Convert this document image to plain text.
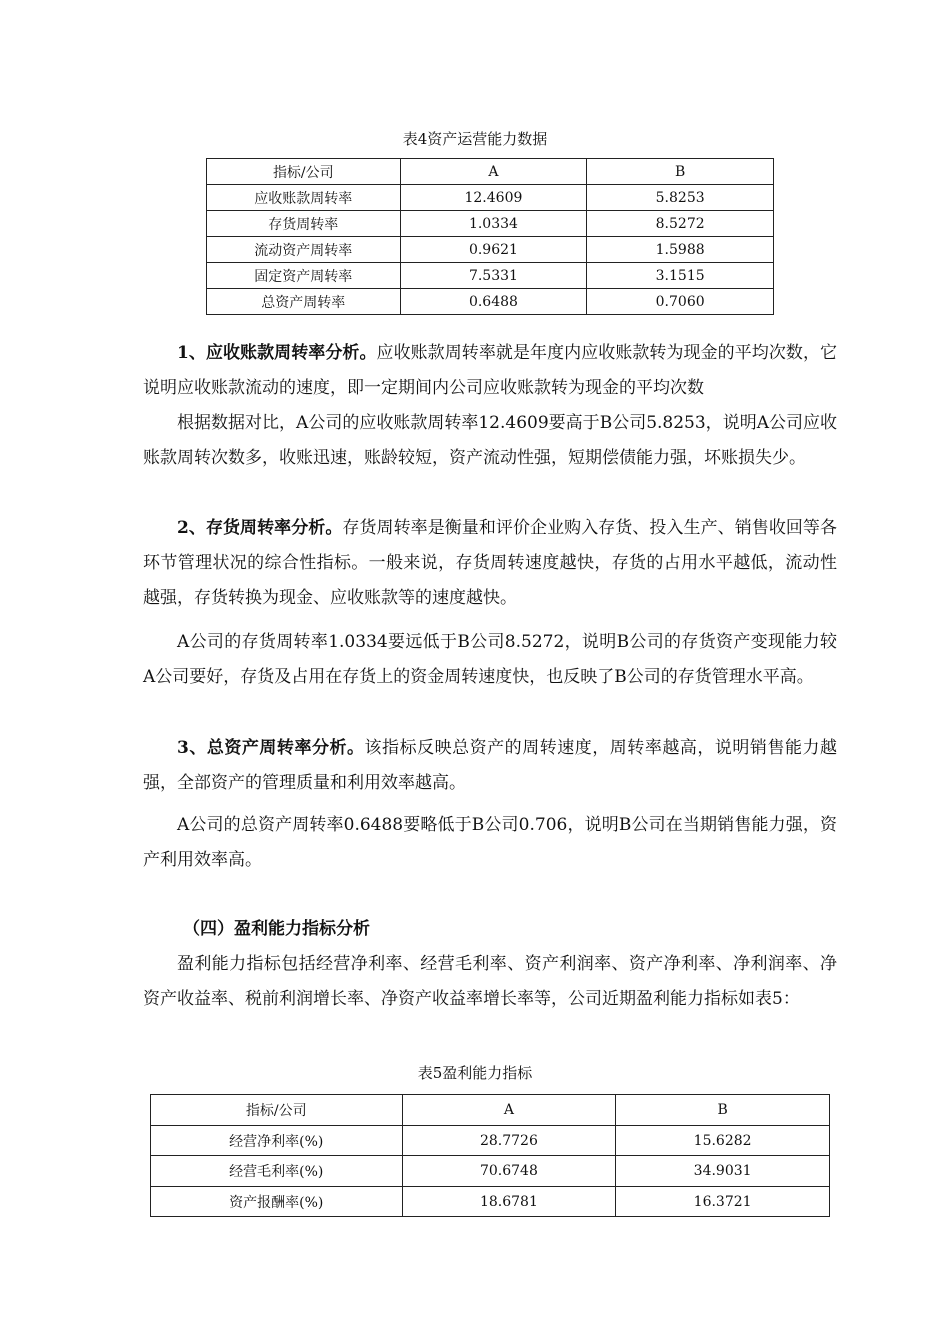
表4资产运营能力数据
指标/公司	A	B
应收账款周转率	12.4609	5.8253
存货周转率	1.0334	8.5272
流动资产周转率	0.9621	1.5988
固定资产周转率	7.5331	3.1515
总资产周转率	0.6488	0.7060

1、应收账款周转率分析。应收账款周转率就是年度内应收账款转为现金的平均次数，它说明应收账款流动的速度，即一定期间内公司应收账款转为现金的平均次数

根据数据对比，A公司的应收账款周转率12.4609要高于B公司5.8253，说明A公司应收账款周转次数多，收账迅速，账龄较短，资产流动性强，短期偿债能力强，坏账损失少。

2、存货周转率分析。存货周转率是衡量和评价企业购入存货、投入生产、销售收回等各环节管理状况的综合性指标。一般来说，存货周转速度越快，存货的占用水平越低，流动性越强，存货转换为现金、应收账款等的速度越快。

A公司的存货周转率1.0334要远低于B公司8.5272，说明B公司的存货资产变现能力较A公司要好，存货及占用在存货上的资金周转速度快，也反映了B公司的存货管理水平高。

3、总资产周转率分析。该指标反映总资产的周转速度，周转率越高，说明销售能力越强，全部资产的管理质量和利用效率越高。

A公司的总资产周转率0.6488要略低于B公司0.706，说明B公司在当期销售能力强，资产利用效率高。

（四）盈利能力指标分析

盈利能力指标包括经营净利率、经营毛利率、资产利润率、资产净利率、净利润率、净资产收益率、税前利润增长率、净资产收益率增长率等，公司近期盈利能力指标如表5：

表5盈利能力指标
指标/公司	A	B
经营净利率(%)	28.7726	15.6282
经营毛利率(%)	70.6748	34.9031
资产报酬率(%)	18.6781	16.3721
